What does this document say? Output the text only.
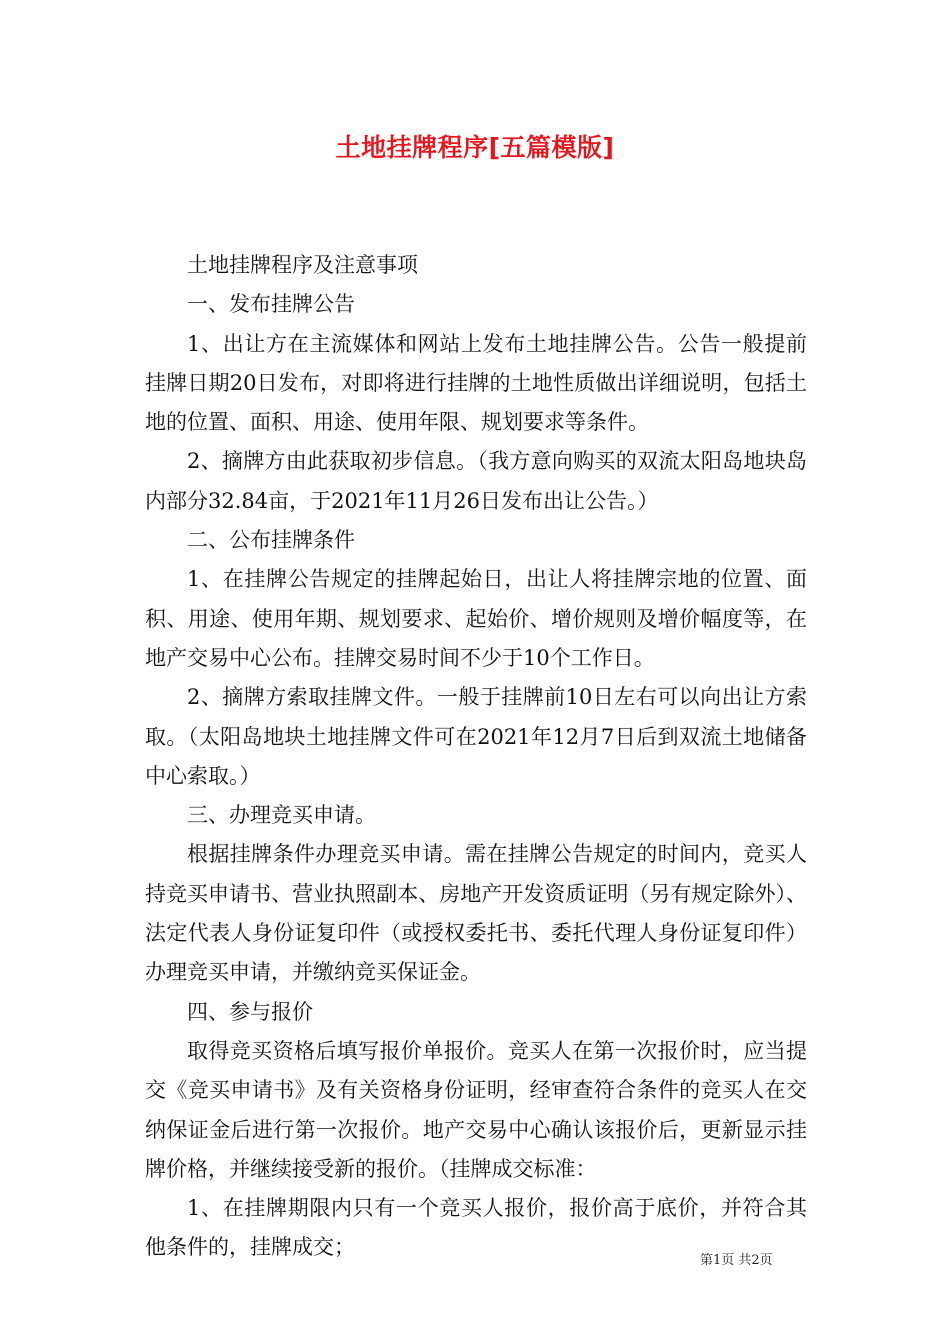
土地挂牌程序[五篇模版]

土地挂牌程序及注意事项

一、发布挂牌公告

1、出让方在主流媒体和网站上发布土地挂牌公告。公告一般提前挂牌日期20日发布，对即将进行挂牌的土地性质做出详细说明，包括土地的位置、面积、用途、使用年限、规划要求等条件。

2、摘牌方由此获取初步信息。（我方意向购买的双流太阳岛地块岛内部分32.84亩，于2021年11月26日发布出让公告。）

二、公布挂牌条件

1、在挂牌公告规定的挂牌起始日，出让人将挂牌宗地的位置、面积、用途、使用年期、规划要求、起始价、增价规则及增价幅度等，在地产交易中心公布。挂牌交易时间不少于10个工作日。

2、摘牌方索取挂牌文件。一般于挂牌前10日左右可以向出让方索取。（太阳岛地块土地挂牌文件可在2021年12月7日后到双流土地储备中心索取。）

三、办理竞买申请。

根据挂牌条件办理竞买申请。需在挂牌公告规定的时间内，竞买人持竞买申请书、营业执照副本、房地产开发资质证明（另有规定除外）、法定代表人身份证复印件（或授权委托书、委托代理人身份证复印件）办理竞买申请，并缴纳竞买保证金。

四、参与报价

取得竞买资格后填写报价单报价。竞买人在第一次报价时，应当提交《竞买申请书》及有关资格身份证明，经审查符合条件的竞买人在交纳保证金后进行第一次报价。地产交易中心确认该报价后，更新显示挂牌价格，并继续接受新的报价。（挂牌成交标准：

1、在挂牌期限内只有一个竞买人报价，报价高于底价，并符合其他条件的，挂牌成交；

第1页 共2页
